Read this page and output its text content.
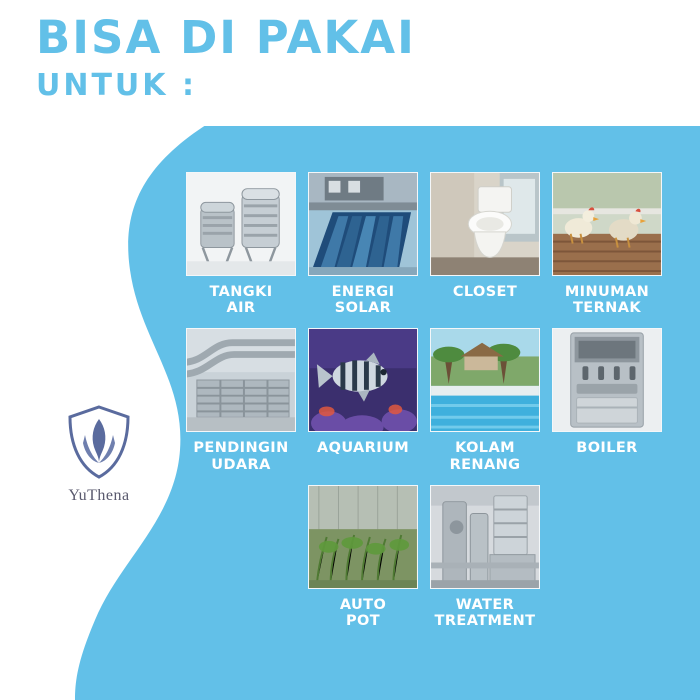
BISA DI PAKAI
UNTUK :
YuThena
TANGKI
AIR
ENERGI
SOLAR
CLOSET	MINUMAN
TERNAK
PENDINGIN
UDARA
AQUARIUM	KOLAM
RENANG
BOILER
AUTO
POT
WATER
TREATMENT
